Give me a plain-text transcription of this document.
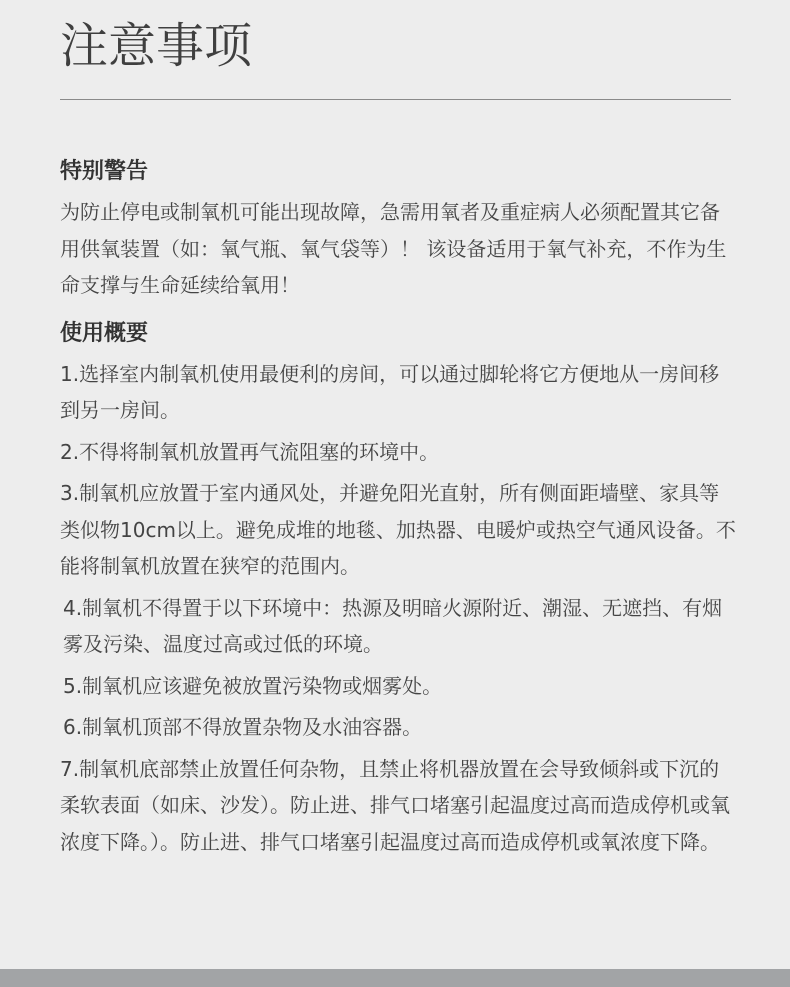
注意事项
特别警告

为防止停电或制氧机可能出现故障，急需用氧者及重症病人必须配置其它备用供氧装置（如：氧气瓶、氧气袋等）！ 该设备适用于氧气补充，不作为生命支撑与生命延续给氧用！

使用概要

1.选择室内制氧机使用最便利的房间，可以通过脚轮将它方便地从一房间移到另一房间。

2.不得将制氧机放置再气流阻塞的环境中。

3.制氧机应放置于室内通风处，并避免阳光直射，所有侧面距墙壁、家具等类似物10cm以上。避免成堆的地毯、加热器、电暖炉或热空气通风设备。不能将制氧机放置在狭窄的范围内。

4.制氧机不得置于以下环境中：热源及明暗火源附近、潮湿、无遮挡、有烟雾及污染、温度过高或过低的环境。

5.制氧机应该避免被放置污染物或烟雾处。

6.制氧机顶部不得放置杂物及水油容器。

7.制氧机底部禁止放置任何杂物，且禁止将机器放置在会导致倾斜或下沉的柔软表面（如床、沙发）。防止进、排气口堵塞引起温度过高而造成停机或氧浓度下降。）。防止进、排气口堵塞引起温度过高而造成停机或氧浓度下降。
